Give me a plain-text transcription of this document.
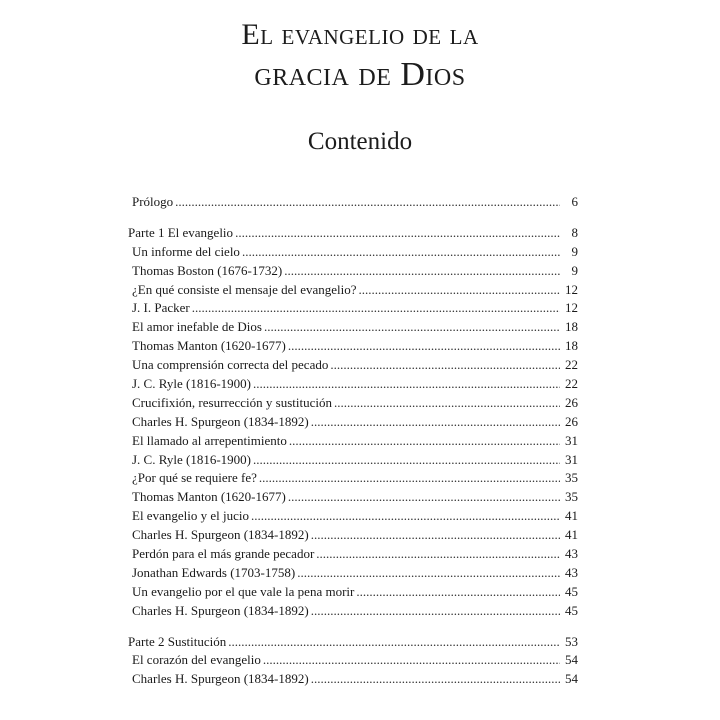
El evangelio de la
gracia de Dios
Contenido
Prólogo .....	6
Parte 1 El evangelio .....	8
Un informe del cielo .....	9
Thomas Boston (1676-1732) .....	9
¿En qué consiste el mensaje del evangelio? .....	12
J. I. Packer .....	12
El amor inefable de Dios .....	18
Thomas Manton (1620-1677) .....	18
Una comprensión correcta del pecado .....	22
J. C. Ryle (1816-1900) .....	22
Crucifixión, resurrección y sustitución .....	26
Charles H. Spurgeon (1834-1892) .....	26
El llamado al arrepentimiento .....	31
J. C. Ryle (1816-1900) .....	31
¿Por qué se requiere fe? .....	35
Thomas Manton (1620-1677) .....	35
El evangelio y el jucio .....	41
Charles H. Spurgeon (1834-1892) .....	41
Perdón para el más grande pecador .....	43
Jonathan Edwards (1703-1758) .....	43
Un evangelio por el que vale la pena morir .....	45
Charles H. Spurgeon (1834-1892) .....	45
Parte 2 Sustitución .....	53
El corazón del evangelio .....	54
Charles H. Spurgeon (1834-1892) .....	54
